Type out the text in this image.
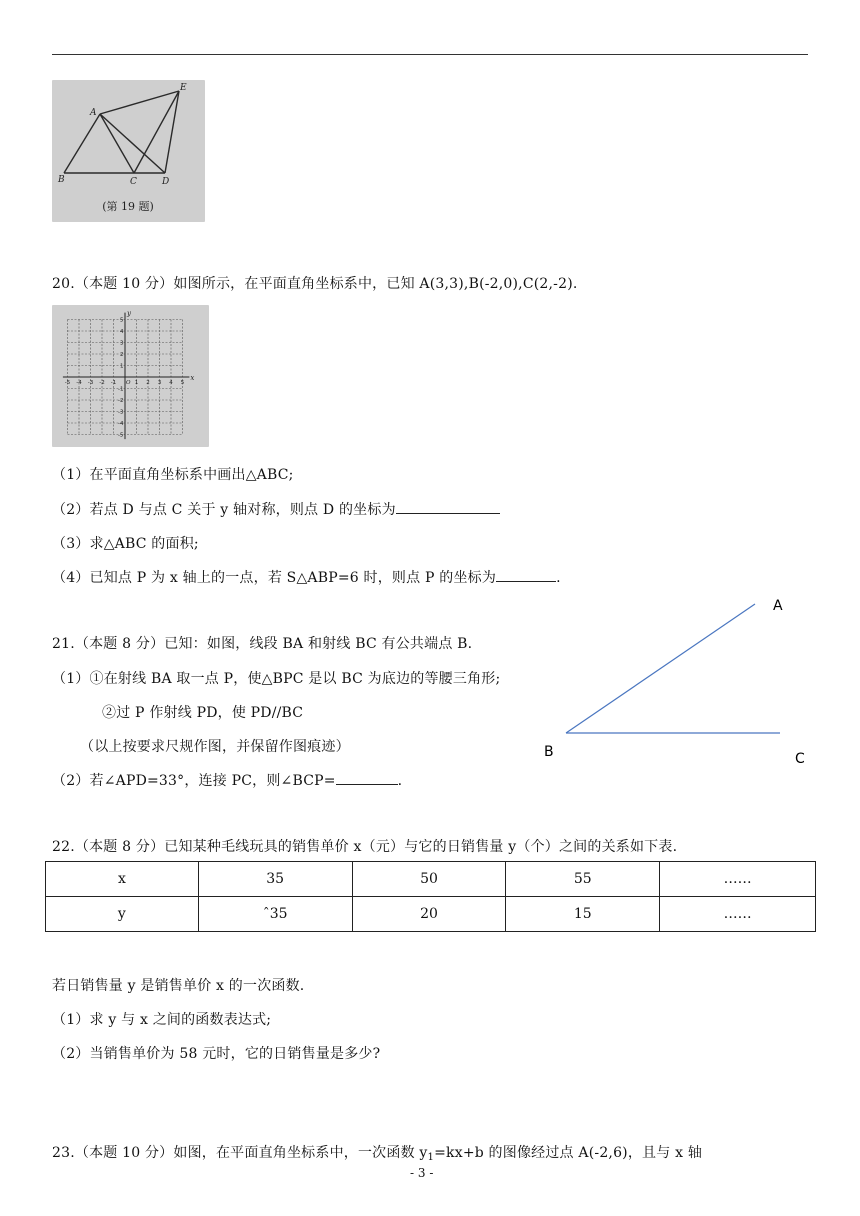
A
E
B	C	D
(第 19 题)
20.（本题 10 分）如图所示，在平面直角坐标系中，已知 A(3,3),B(-2,0),C(2,-2).
x
y
O
-5 -4 -3 -2 -1	1 2 3 4 5
5
4
3
2
1
-1
-2
-3
-4
-5
（1）在平面直角坐标系中画出△ABC;
（2）若点 D 与点 C 关于 y 轴对称，则点 D 的坐标为
（3）求△ABC 的面积;
（4）已知点 P 为 x 轴上的一点，若 S△ABP=6 时，则点 P 的坐标为	.
21.（本题 8 分）已知：如图，线段 BA 和射线 BC 有公共端点 B.
（1）①在射线 BA 取一点 P，使△BPC 是以 BC 为底边的等腰三角形;
②过 P 作射线 PD，使 PD//BC
（以上按要求尺规作图，并保留作图痕迹）
（2）若∠APD=33°，连接 PC，则∠BCP=	.
A
B	C
22.（本题 8 分）已知某种毛线玩具的销售单价 x（元）与它的日销售量 y（个）之间的关系如下表.
x	35	50	55	……
y	ˆ35	20	15	……
若日销售量 y 是销售单价 x 的一次函数.
（1）求 y 与 x 之间的函数表达式;
（2）当销售单价为 58 元时，它的日销售量是多少?
23.（本题 10 分）如图，在平面直角坐标系中，一次函数 $y_1=kx+b$ 的图像经过点 A(-2,6)，且与 x 轴
- 3 -
